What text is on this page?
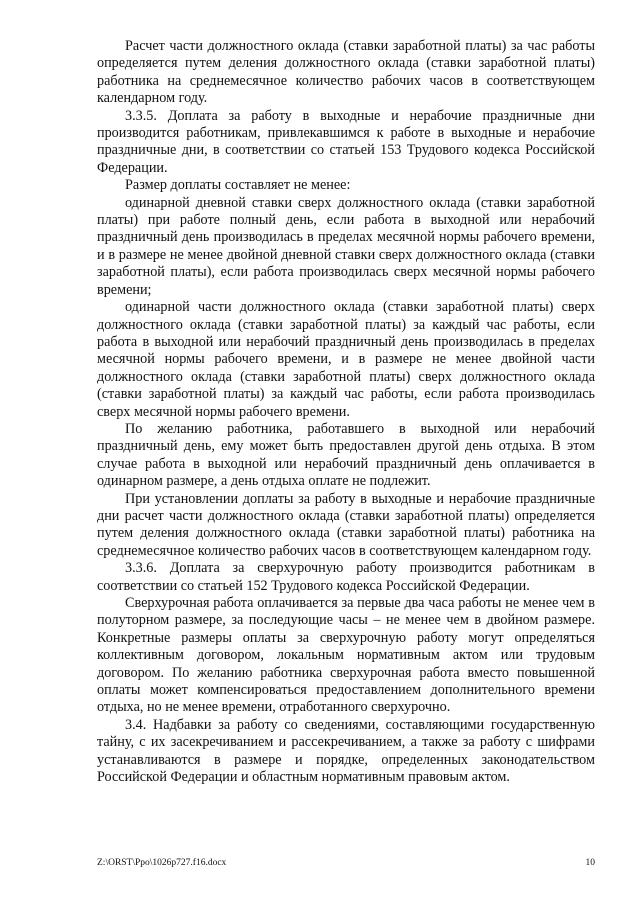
Расчет части должностного оклада (ставки заработной платы) за час работы определяется путем деления должностного оклада (ставки заработной платы) работника на среднемесячное количество рабочих часов в соответствующем календарном году.

3.3.5. Доплата за работу в выходные и нерабочие праздничные дни производится работникам, привлекавшимся к работе в выходные и нерабочие праздничные дни, в соответствии со статьей 153 Трудового кодекса Российской Федерации.

Размер доплаты составляет не менее:

одинарной дневной ставки сверх должностного оклада (ставки заработной платы) при работе полный день, если работа в выходной или нерабочий праздничный день производилась в пределах месячной нормы рабочего времени, и в размере не менее двойной дневной ставки сверх должностного оклада (ставки заработной платы), если работа производилась сверх месячной нормы рабочего времени;

одинарной части должностного оклада (ставки заработной платы) сверх должностного оклада (ставки заработной платы) за каждый час работы, если работа в выходной или нерабочий праздничный день производилась в пределах месячной нормы рабочего времени, и в размере не менее двойной части должностного оклада (ставки заработной платы) сверх должностного оклада (ставки заработной платы) за каждый час работы, если работа производилась сверх месячной нормы рабочего времени.

По желанию работника, работавшего в выходной или нерабочий праздничный день, ему может быть предоставлен другой день отдыха. В этом случае работа в выходной или нерабочий праздничный день оплачивается в одинарном размере, а день отдыха оплате не подлежит.

При установлении доплаты за работу в выходные и нерабочие праздничные дни расчет части должностного оклада (ставки заработной платы) определяется путем деления должностного оклада (ставки заработной платы) работника на среднемесячное количество рабочих часов в соответствующем календарном году.

3.3.6. Доплата за сверхурочную работу производится работникам в соответствии со статьей 152 Трудового кодекса Российской Федерации.

Сверхурочная работа оплачивается за первые два часа работы не менее чем в полуторном размере, за последующие часы – не менее чем в двойном размере. Конкретные размеры оплаты за сверхурочную работу могут определяться коллективным договором, локальным нормативным актом или трудовым договором. По желанию работника сверхурочная работа вместо повышенной оплаты может компенсироваться предоставлением дополнительного времени отдыха, но не менее времени, отработанного сверхурочно.

3.4. Надбавки за работу со сведениями, составляющими государственную тайну, с их засекречиванием и рассекречиванием, а также за работу с шифрами устанавливаются в размере и порядке, определенных законодательством Российской Федерации и областным нормативным правовым актом.

Z:\ORST\Ppo\1026p727.f16.docx	10
